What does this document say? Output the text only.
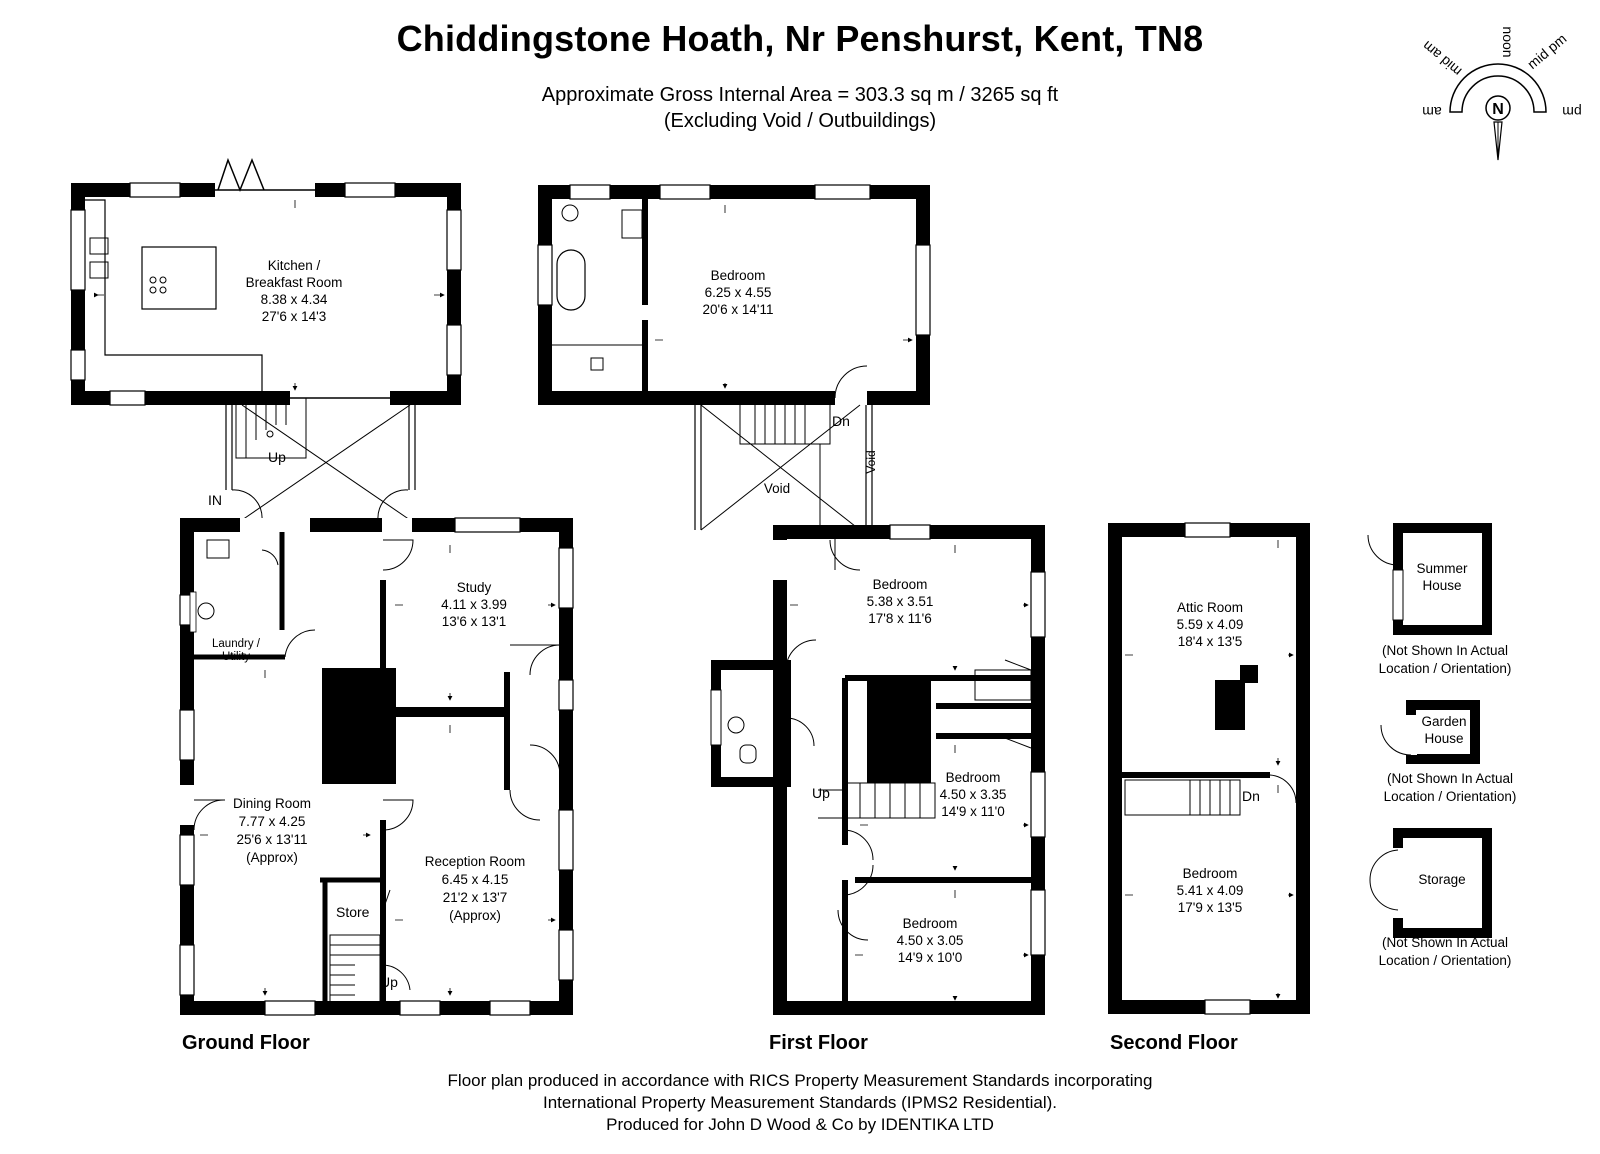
Chiddingstone Hoath, Nr Penshurst, Kent, TN8
Approximate Gross Internal Area = 303.3 sq m / 3265 sq ft
(Excluding Void / Outbuildings)
N
noon
mid am	mid pm
am	pm
Kitchen /
Breakfast Room
8.38 x 4.34
27'6 x 14'3
Laundry /
Utility
Study
4.11 x 3.99
13'6 x 13'1
Dining Room
7.77 x 4.25
25'6 x 13'11
(Approx)	Reception Room
6.45 x 4.15
21'2 x 13'7
(Approx)
Store
Up
Up
IN
Bedroom
6.25 x 4.55
20'6 x 14'11
Dn
Void
Void
Bedroom
5.38 x 3.51
17'8 x 11'6
Bedroom
4.50 x 3.35
14'9 x 11'0
Bedroom
4.50 x 3.05
14'9 x 10'0
Up
Attic Room
5.59 x 4.09
18'4 x 13'5
Dn
Bedroom
5.41 x 4.09
17'9 x 13'5
Summer
House
(Not Shown In Actual
Location / Orientation)
Garden
House
(Not Shown In Actual
Location / Orientation)
Storage
(Not Shown In Actual
Location / Orientation)
Ground Floor	First Floor	Second Floor
Floor plan produced in accordance with RICS Property Measurement Standards incorporating
International Property Measurement Standards (IPMS2 Residential).
Produced for John D Wood & Co by IDENTIKA LTD
